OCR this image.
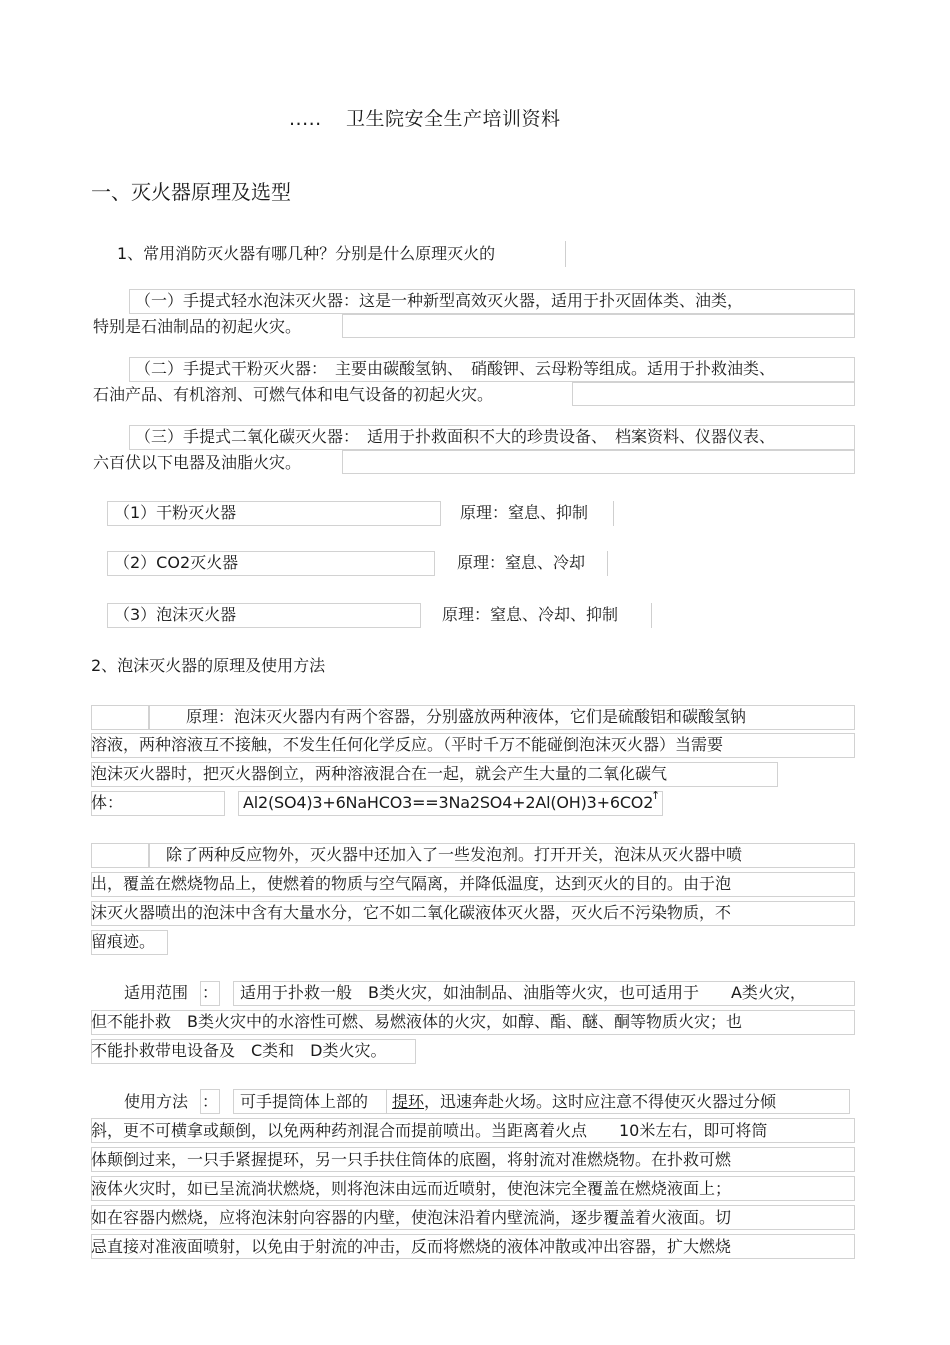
..... 卫生院安全生产培训资料
一、灭火器原理及选型
1、常用消防灭火器有哪几种？分别是什么原理灭火的
（一）手提式轻水泡沫灭火器：这是一种新型高效灭火器，适用于扑灭固体类、油类，
特别是石油制品的初起火灾。
（二）手提式干粉灭火器：　主要由碳酸氢钠、　硝酸钾、云母粉等组成。适用于扑救油类、
石油产品、有机溶剂、可燃气体和电气设备的初起火灾。
（三）手提式二氧化碳灭火器：　适用于扑救面积不大的珍贵设备、　档案资料、仪器仪表、
六百伏以下电器及油脂火灾。
（1）干粉灭火器	原理：窒息、抑制
（2）CO2灭火器	原理：窒息、冷却
（3）泡沫灭火器	原理：窒息、冷却、抑制
2、泡沫灭火器的原理及使用方法
原理：泡沫灭火器内有两个容器，分别盛放两种液体，它们是硫酸铝和碳酸氢钠
溶液，两种溶液互不接触，不发生任何化学反应。（平时千万不能碰倒泡沫灭火器）当需要
泡沫灭火器时，把灭火器倒立，两种溶液混合在一起，就会产生大量的二氧化碳气
体：	Al2(SO4)3+6NaHCO3==3Na2SO4+2Al(OH)3+6CO2
↑
除了两种反应物外，灭火器中还加入了一些发泡剂。打开开关，泡沫从灭火器中喷
出，覆盖在燃烧物品上，使燃着的物质与空气隔离，并降低温度，达到灭火的目的。由于泡
沫灭火器喷出的泡沫中含有大量水分，它不如二氧化碳液体灭火器，灭火后不污染物质，不
留痕迹。
适用范围 ： 适用于扑救一般　B类火灾，如油制品、油脂等火灾，也可适用于　　A类火灾，
但不能扑救　B类火灾中的水溶性可燃、易燃液体的火灾，如醇、酯、醚、酮等物质火灾；也
不能扑救带电设备及　C类和　D类火灾。
使用方法 ： 可手提筒体上部的 提环 ，迅速奔赴火场。这时应注意不得使灭火器过分倾
斜，更不可横拿或颠倒，以免两种药剂混合而提前喷出。当距离着火点　　10米左右，即可将筒
体颠倒过来，一只手紧握提环，另一只手扶住筒体的底圈，将射流对准燃烧物。在扑救可燃
液体火灾时，如已呈流淌状燃烧，则将泡沫由远而近喷射，使泡沫完全覆盖在燃烧液面上；
如在容器内燃烧，应将泡沫射向容器的内壁，使泡沫沿着内壁流淌，逐步覆盖着火液面。切
忌直接对准液面喷射，以免由于射流的冲击，反而将燃烧的液体冲散或冲出容器，扩大燃烧
